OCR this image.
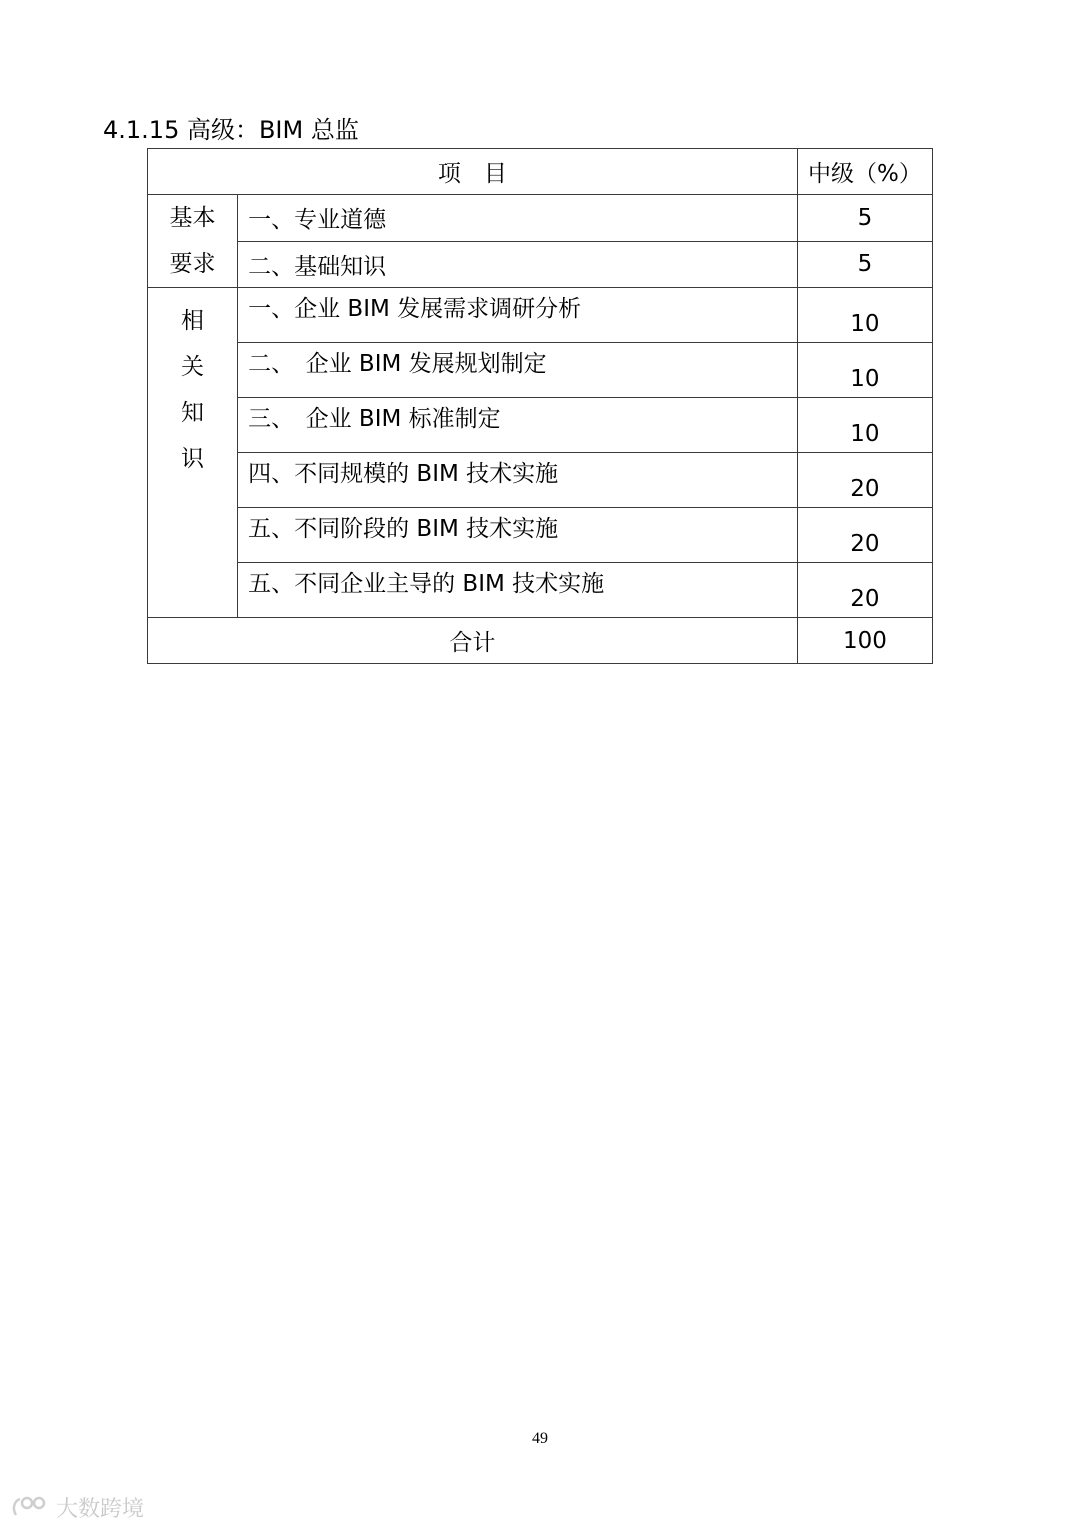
4.1.15 高级：BIM 总监
项　目		中级（%）

基本
要求	一、专业道德	5
	二、基础知识	5

相
关
知
识	一、企业 BIM 发展需求调研分析	10
	二、　企业 BIM 发展规划制定	10
	三、　企业 BIM 标准制定	10
	四、不同规模的 BIM 技术实施	20
	五、不同阶段的 BIM 技术实施	20
	五、不同企业主导的 BIM 技术实施	20
合计		100
49
大数跨境
